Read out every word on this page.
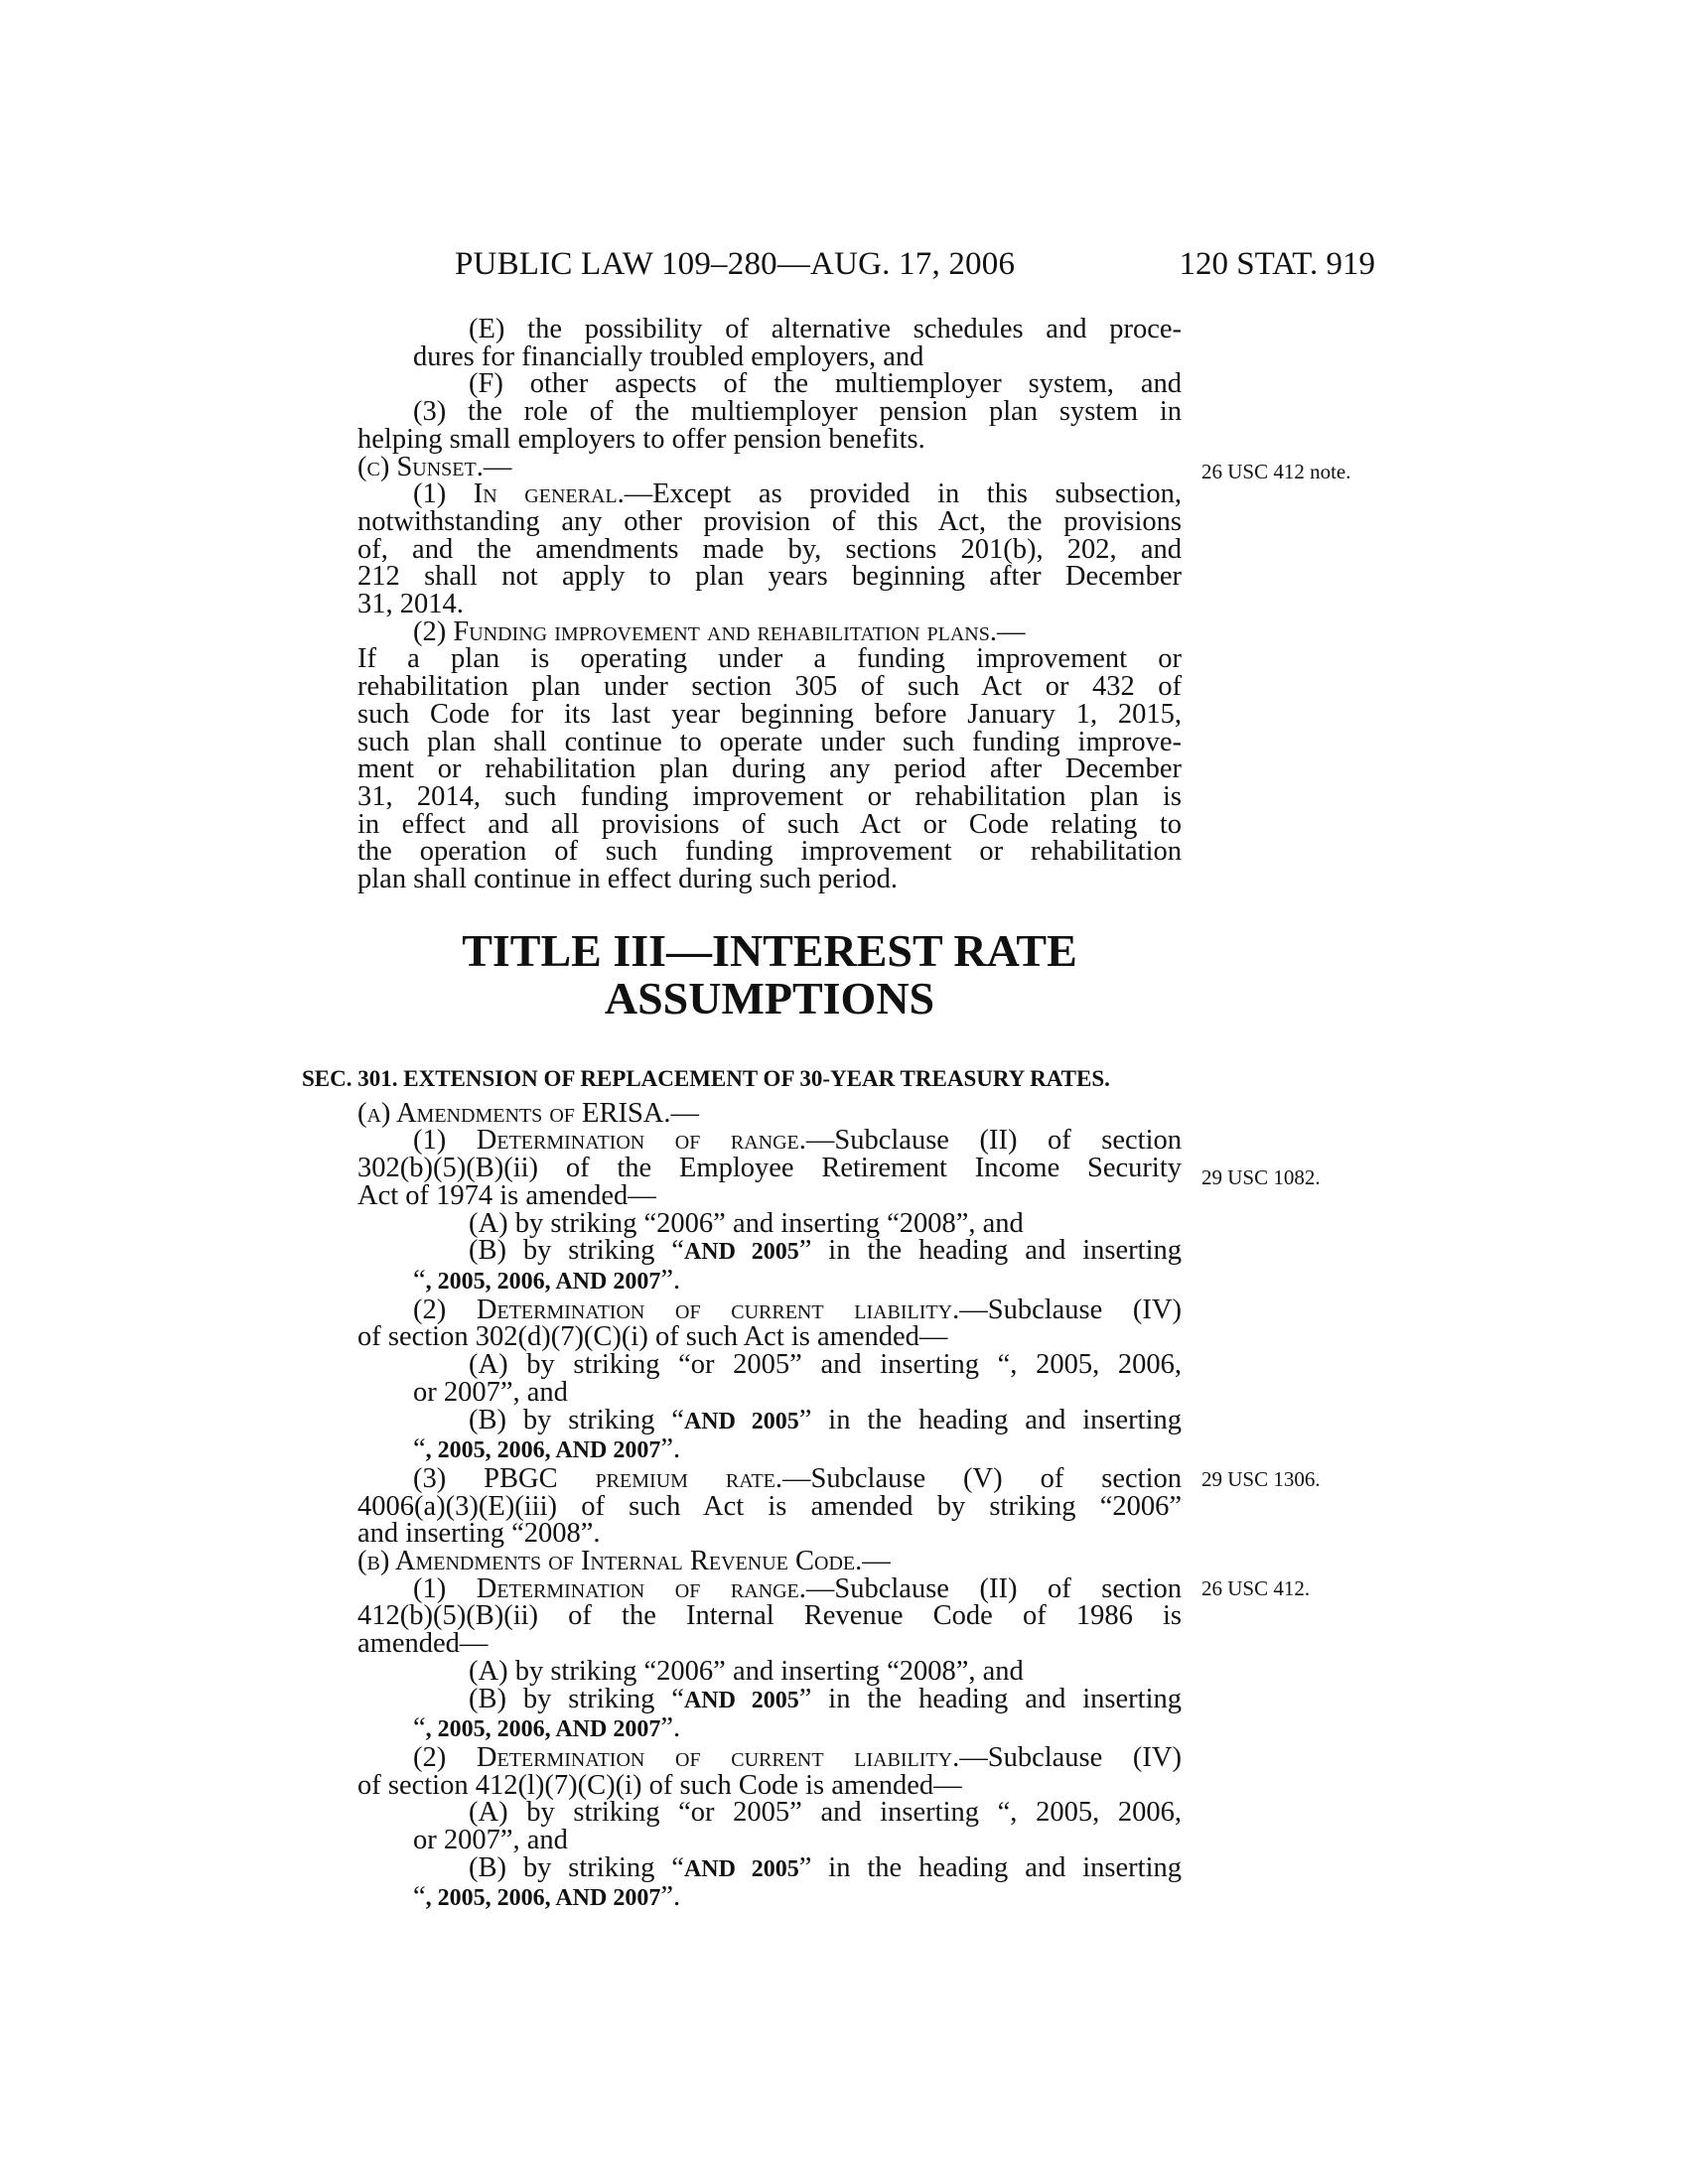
PUBLIC LAW 109–280—AUG. 17, 2006	120 STAT. 919
26 USC 412 note.
29 USC 1082.
29 USC 1306.
26 USC 412.
(E) the possibility of alternative schedules and proce-
dures for financially troubled employers, and
(F) other aspects of the multiemployer system, and
(3) the role of the multiemployer pension plan system in
helping small employers to offer pension benefits.
(c) Sunset.—
(1) In general.—Except as provided in this subsection,
notwithstanding any other provision of this Act, the provisions
of, and the amendments made by, sections 201(b), 202, and
212 shall not apply to plan years beginning after December
31, 2014.
(2) Funding improvement and rehabilitation plans.—
If a plan is operating under a funding improvement or
rehabilitation plan under section 305 of such Act or 432 of
such Code for its last year beginning before January 1, 2015,
such plan shall continue to operate under such funding improve-
ment or rehabilitation plan during any period after December
31, 2014, such funding improvement or rehabilitation plan is
in effect and all provisions of such Act or Code relating to
the operation of such funding improvement or rehabilitation
plan shall continue in effect during such period.
TITLE III—INTEREST RATE
ASSUMPTIONS
SEC. 301. EXTENSION OF REPLACEMENT OF 30-YEAR TREASURY RATES.
(a) Amendments of ERISA.—
(1) Determination of range.—Subclause (II) of section
302(b)(5)(B)(ii) of the Employee Retirement Income Security
Act of 1974 is amended—
(A) by striking “2006” and inserting “2008”, and
(B) by striking “AND 2005” in the heading and inserting
“, 2005, 2006, AND 2007”.
(2) Determination of current liability.—Subclause (IV)
of section 302(d)(7)(C)(i) of such Act is amended—
(A) by striking “or 2005” and inserting “, 2005, 2006,
or 2007”, and
(B) by striking “AND 2005” in the heading and inserting
“, 2005, 2006, AND 2007”.
(3) PBGC premium rate.—Subclause (V) of section
4006(a)(3)(E)(iii) of such Act is amended by striking “2006”
and inserting “2008”.
(b) Amendments of Internal Revenue Code.—
(1) Determination of range.—Subclause (II) of section
412(b)(5)(B)(ii) of the Internal Revenue Code of 1986 is
amended—
(A) by striking “2006” and inserting “2008”, and
(B) by striking “AND 2005” in the heading and inserting
“, 2005, 2006, AND 2007”.
(2) Determination of current liability.—Subclause (IV)
of section 412(l)(7)(C)(i) of such Code is amended—
(A) by striking “or 2005” and inserting “, 2005, 2006,
or 2007”, and
(B) by striking “AND 2005” in the heading and inserting
“, 2005, 2006, AND 2007”.
